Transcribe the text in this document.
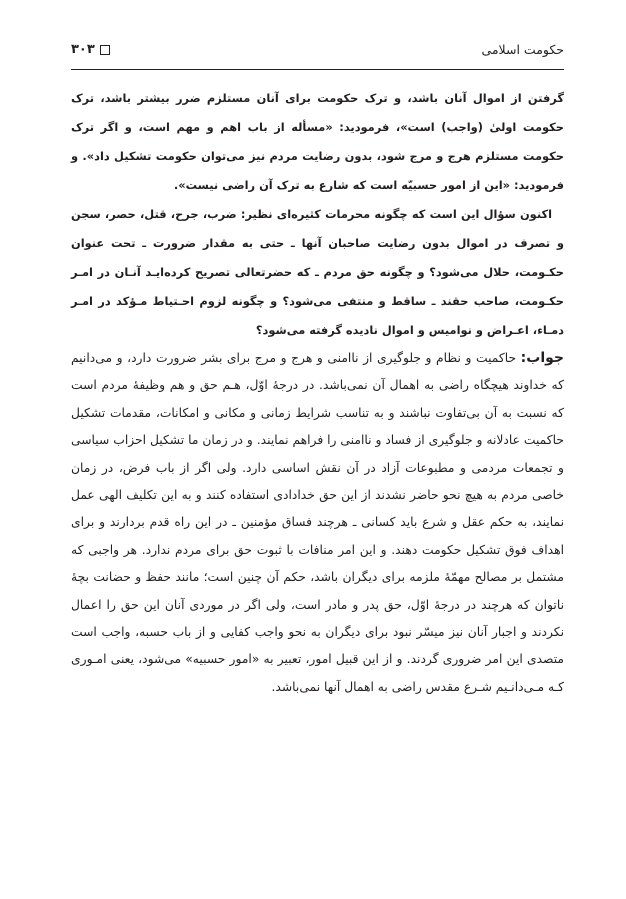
حکومت اسلامی
۳۰۳

گرفتن از اموال آنان باشد، و ترک حکومت برای آنان مستلزم ضرر بیشتر باشد، ترک حکومت اولیٰ (واجب) است»، فرمودید: «مسأله از باب اهم و مهم است، و اگر ترک حکومت مستلزم هرج و مرج شود، بدون رضایت مردم نیز می‌توان حکومت تشکیل داد». و فرمودید: «این از امور حسبیّه است که شارع به ترک آن راضی نیست».

اکنون سؤال این است که چگونه محرمات کثیره‌ای نظیر: ضرب، جرح، قتل، حصر، سجن و تصرف در اموال بدون رضایت صاحبان آنها ـ حتی به مقدار ضرورت ـ تحت عنوان حکـومت، حلال می‌شود؟ و چگونه حق مردم ـ که حضرتعالی تصریح کرده‌ایـد آنـان در امـر حکـومت، صاحب حقند ـ ساقط و منتفی می‌شود؟ و چگونه لزوم احـتیاط مـؤکد در امـر دمـاء، اعـراض و نوامیس و اموال نادیده گرفته می‌شود؟

جواب: حاکمیت و نظام و جلوگیری از ناامنی و هرج و مرج برای بشر ضرورت دارد، و می‌دانیم که خداوند هیچگاه راضی به اهمال آن نمی‌باشد. در درجهٔ اوّل، هـم حق و هم وظیفهٔ مردم است که نسبت به آن بی‌تفاوت نباشند و به تناسب شرایط زمانی و مکانی و امکانات، مقدمات تشکیل حاکمیت عادلانه و جلوگیری از فساد و ناامنی را فراهم نمایند. و در زمان ما تشکیل احزاب سیاسی و تجمعات مردمی و مطبوعات آزاد در آن نقش اساسی دارد. ولی اگر از باب فرض، در زمان خاصی مردم به هیچ نحو حاضر نشدند از این حق خدادادی استفاده کنند و به این تکلیف الهی عمل نمایند، به حکم عقل و شرع باید کسانی ـ هرچند فساق مؤمنین ـ در این راه قدم بردارند و برای اهداف فوق تشکیل حکومت دهند. و این امر منافات با ثبوت حق برای مردم ندارد. هر واجبی که مشتمل بر مصالح مهمّهٔ ملزمه برای دیگران باشد، حکم آن چنین است؛ مانند حفظ و حضانت بچهٔ ناتوان که هرچند در درجهٔ اوّل، حق پدر و مادر است، ولی اگر در موردی آنان این حق را اعمال نکردند و اجبار آنان نیز میسّر نبود برای دیگران به نحو واجب کفایی و از باب حسبه، واجب است متصدی این امر ضروری گردند. و از این قبیل امور، تعبیر به «امور حسبیه» می‌شود، یعنی امـوری کـه مـی‌دانـیم شـرع مقدس راضی به اهمال آنها نمی‌باشد.
